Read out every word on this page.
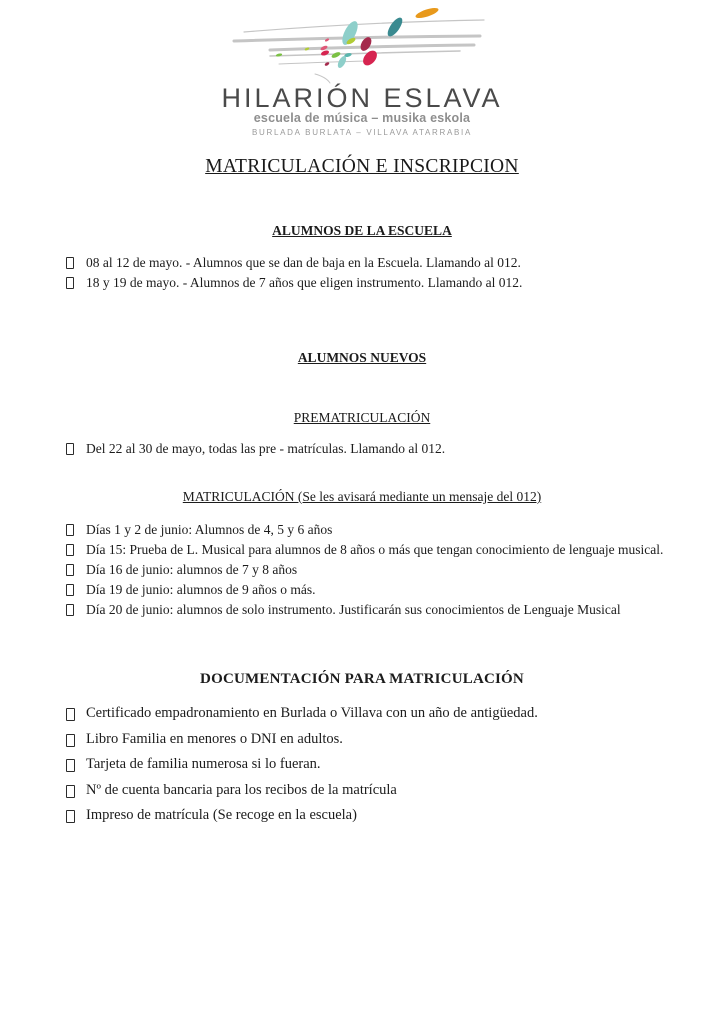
HILARIÓN ESLAVA
escuela de música – musika eskola
BURLADA BURLATA – VILLAVA ATARRABIA
MATRICULACIÓN E INSCRIPCION
ALUMNOS DE LA ESCUELA
08 al 12 de mayo. - Alumnos que se dan de baja en la Escuela. Llamando al 012.
18 y 19 de mayo. - Alumnos de 7 años que eligen instrumento. Llamando al 012.
ALUMNOS NUEVOS
PREMATRICULACIÓN
Del 22 al 30 de mayo, todas las pre - matrículas. Llamando al 012.
MATRICULACIÓN (Se les avisará mediante un mensaje del 012)
Días 1 y 2 de junio: Alumnos de 4, 5 y 6 años
Día 15: Prueba de L. Musical para alumnos de 8 años o más que tengan conocimiento de lenguaje musical.
Día 16 de junio: alumnos de 7 y 8 años
Día 19 de junio: alumnos de 9 años o más.
Día 20 de junio: alumnos de solo instrumento. Justificarán sus conocimientos de Lenguaje Musical
DOCUMENTACIÓN PARA MATRICULACIÓN
Certificado empadronamiento en Burlada o Villava con un año de antigüedad.
Libro Familia en menores o DNI en adultos.
Tarjeta de familia numerosa si lo fueran.
Nº de cuenta bancaria para los recibos de la matrícula
Impreso de matrícula (Se recoge en la escuela)
